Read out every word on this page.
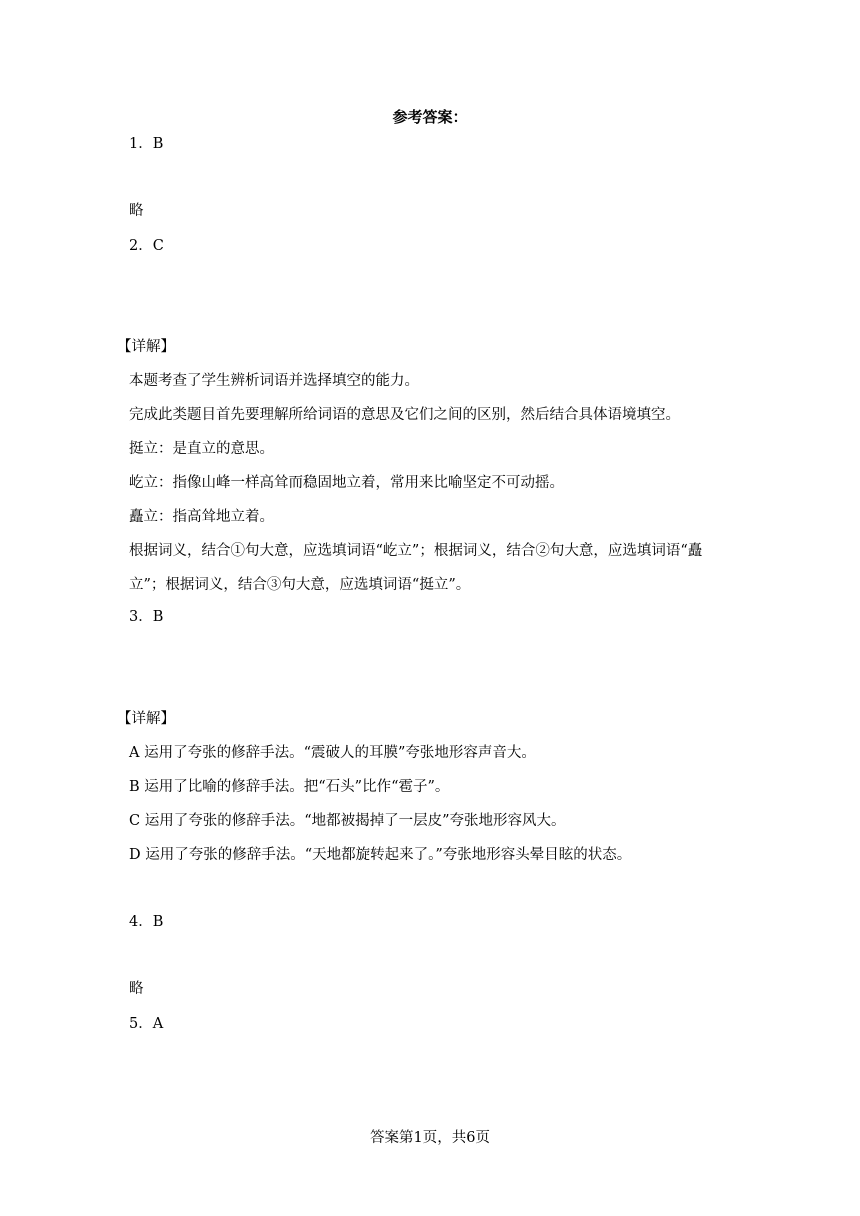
参考答案：
1．B
略
2．C
【详解】
本题考查了学生辨析词语并选择填空的能力。
完成此类题目首先要理解所给词语的意思及它们之间的区别，然后结合具体语境填空。
挺立：是直立的意思。
屹立：指像山峰一样高耸而稳固地立着，常用来比喻坚定不可动摇。
矗立：指高耸地立着。
根据词义，结合①句大意，应选填词语“屹立”；根据词义，结合②句大意，应选填词语“矗
立”；根据词义，结合③句大意，应选填词语“挺立”。
3．B
【详解】
A 运用了夸张的修辞手法。“震破人的耳膜”夸张地形容声音大。
B 运用了比喻的修辞手法。把“石头”比作“雹子”。
C 运用了夸张的修辞手法。“地都被揭掉了一层皮”夸张地形容风大。
D 运用了夸张的修辞手法。“天地都旋转起来了。”夸张地形容头晕目眩的状态。
4．B
略
5．A
答案第1页，共6页
